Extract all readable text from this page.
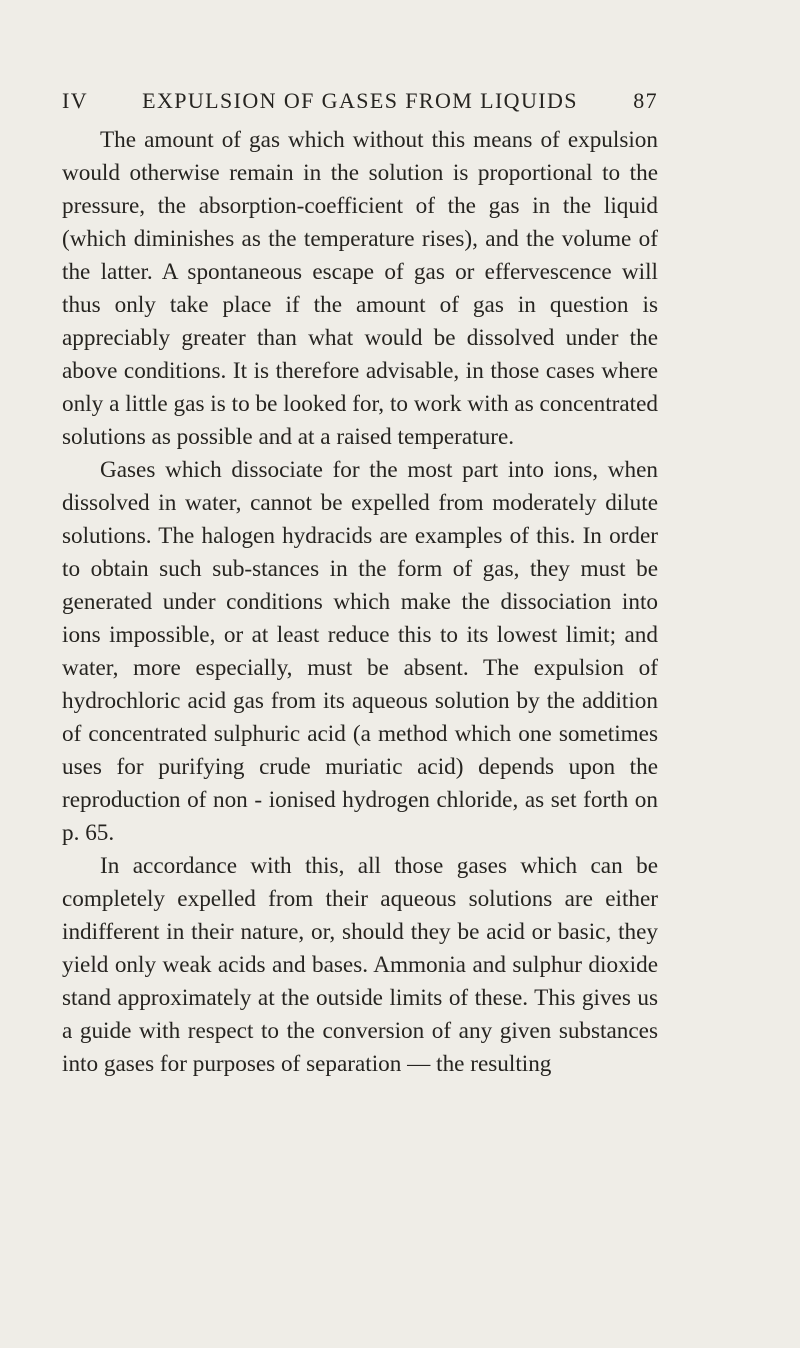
IV	EXPULSION OF GASES FROM LIQUIDS	87

The amount of gas which without this means of expulsion would otherwise remain in the solution is proportional to the pressure, the absorption-coefficient of the gas in the liquid (which diminishes as the temperature rises), and the volume of the latter. A spontaneous escape of gas or effervescence will thus only take place if the amount of gas in question is appreciably greater than what would be dissolved under the above conditions. It is therefore advisable, in those cases where only a little gas is to be looked for, to work with as concentrated solutions as possible and at a raised temperature.

Gases which dissociate for the most part into ions, when dissolved in water, cannot be expelled from moderately dilute solutions. The halogen hydracids are examples of this. In order to obtain such sub-stances in the form of gas, they must be generated under conditions which make the dissociation into ions impossible, or at least reduce this to its lowest limit; and water, more especially, must be absent. The expulsion of hydrochloric acid gas from its aqueous solution by the addition of concentrated sulphuric acid (a method which one sometimes uses for purifying crude muriatic acid) depends upon the reproduction of non - ionised hydrogen chloride, as set forth on p. 65.

In accordance with this, all those gases which can be completely expelled from their aqueous solutions are either indifferent in their nature, or, should they be acid or basic, they yield only weak acids and bases. Ammonia and sulphur dioxide stand approximately at the outside limits of these. This gives us a guide with respect to the conversion of any given substances into gases for purposes of separation — the resulting
